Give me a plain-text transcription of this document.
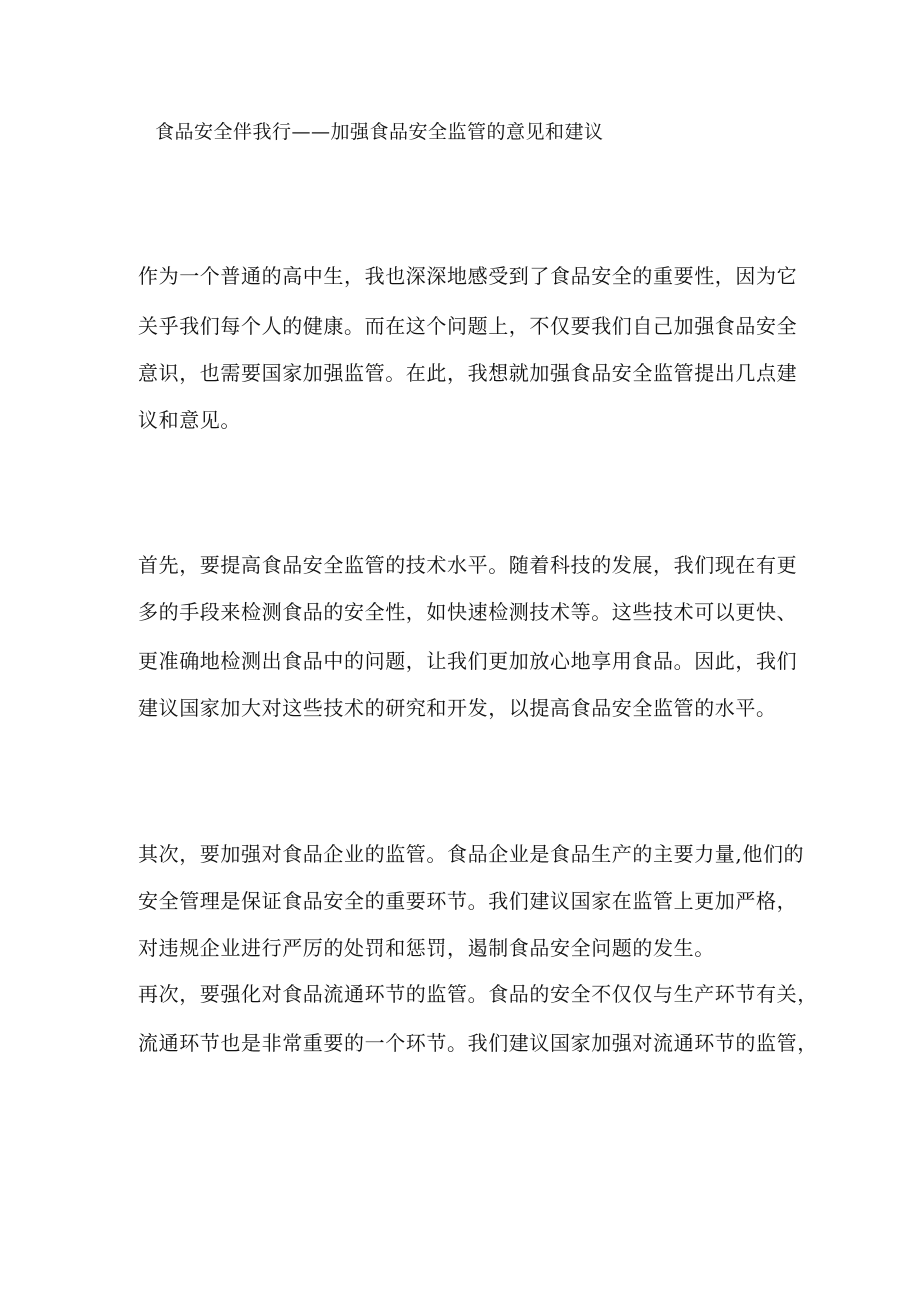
食品安全伴我行——加强食品安全监管的意见和建议
作为一个普通的高中生，我也深深地感受到了食品安全的重要性，因为它
关乎我们每个人的健康。而在这个问题上，不仅要我们自己加强食品安全
意识，也需要国家加强监管。在此，我想就加强食品安全监管提出几点建
议和意见。
首先，要提高食品安全监管的技术水平。随着科技的发展，我们现在有更
多的手段来检测食品的安全性，如快速检测技术等。这些技术可以更快、
更准确地检测出食品中的问题，让我们更加放心地享用食品。因此，我们
建议国家加大对这些技术的研究和开发，以提高食品安全监管的水平。
其次，要加强对食品企业的监管。食品企业是食品生产的主要力量,他们的
安全管理是保证食品安全的重要环节。我们建议国家在监管上更加严格，
对违规企业进行严厉的处罚和惩罚，遏制食品安全问题的发生。
再次，要强化对食品流通环节的监管。食品的安全不仅仅与生产环节有关，
流通环节也是非常重要的一个环节。我们建议国家加强对流通环节的监管，
